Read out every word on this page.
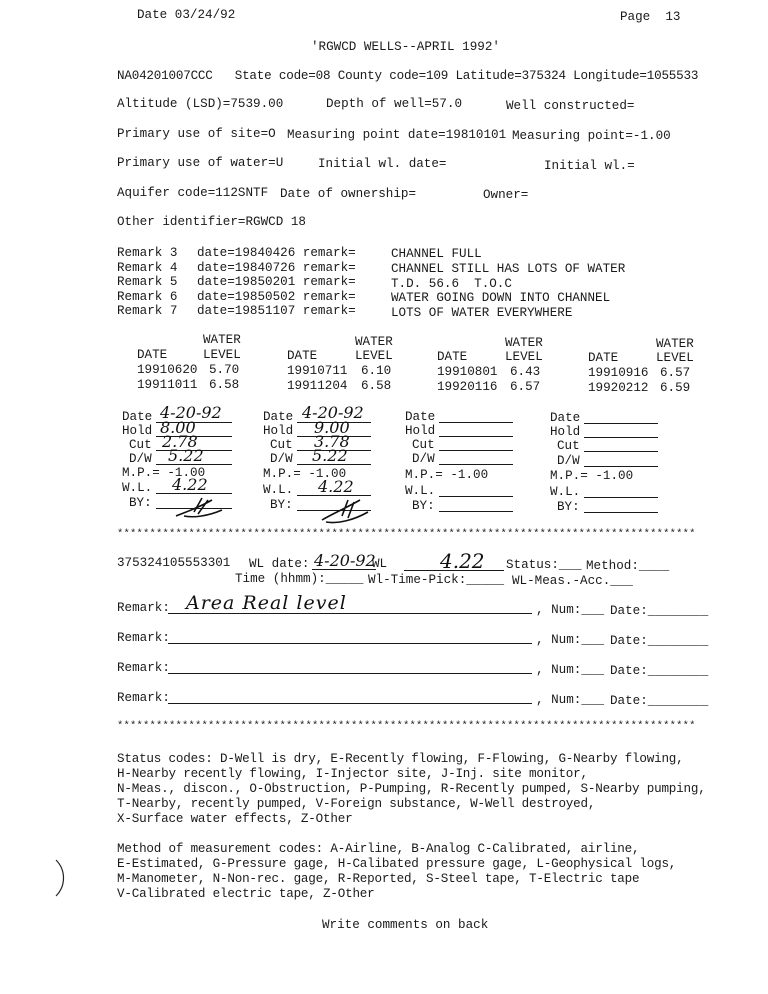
Date 03/24/92	Page  13
'RGWCD WELLS--APRIL 1992'
NA04201007CCC   State code=08 County code=109 Latitude=375324 Longitude=1055533
Altitude (LSD)=7539.00	Depth of well=57.0	Well constructed=
Primary use of site=O Measuring point date=19810101 Measuring point=-1.00
Primary use of water=U	Initial wl. date=	Initial wl.=
Aquifer code=112SNTF Date of ownership=	Owner=
Other identifier=RGWCD 18
Remark 3 date=19840426 remark=	CHANNEL FULL
Remark 4 date=19840726 remark=	CHANNEL STILL HAS LOTS OF WATER
Remark 5 date=19850201 remark=	T.D. 56.6  T.O.C
Remark 6 date=19850502 remark=	WATER GOING DOWN INTO CHANNEL
Remark 7 date=19851107 remark=	LOTS OF WATER EVERYWHERE
WATER
DATE	LEVEL
WATER
DATE	LEVEL
WATER
DATE	LEVEL
WATER
DATE	LEVEL
19910620 5.70	19910711 6.10	19910801 6.43	19910916 6.57
19911011 6.58	19911204 6.58	19920116 6.57	19920212 6.59
Date 4-20-92
Hold 8.00
Cut 2.78
D/W 5.22
M.P.= -1.00
W.L. 4.22
BY:
Date 4-20-92
Hold 9.00
Cut 3.78
D/W 5.22
M.P.= -1.00
W.L. 4.22
BY:
Date
Hold
Cut
D/W
M.P.= -1.00
W.L.
BY:
Date
Hold
Cut
D/W
M.P.= -1.00
W.L.
BY:
*****************************************************************************************
375324105553301 WL date: 4-20-92
WL	4.22 Status:___ Method:____
Time (hhmm):_____ Wl-Time-Pick:_____ WL-Meas.-Acc.___
Remark: Area Real level	, Num:___ Date:________
Remark:	, Num:___ Date:________
Remark:	, Num:___ Date:________
Remark:	, Num:___ Date:________
*****************************************************************************************
Status codes: D-Well is dry, E-Recently flowing, F-Flowing, G-Nearby flowing,
H-Nearby recently flowing, I-Injector site, J-Inj. site monitor,
N-Meas., discon., O-Obstruction, P-Pumping, R-Recently pumped, S-Nearby pumping,
T-Nearby, recently pumped, V-Foreign substance, W-Well destroyed,
X-Surface water effects, Z-Other
Method of measurement codes: A-Airline, B-Analog C-Calibrated, airline,
E-Estimated, G-Pressure gage, H-Calibated pressure gage, L-Geophysical logs,
M-Manometer, N-Non-rec. gage, R-Reported, S-Steel tape, T-Electric tape
V-Calibrated electric tape, Z-Other
Write comments on back
